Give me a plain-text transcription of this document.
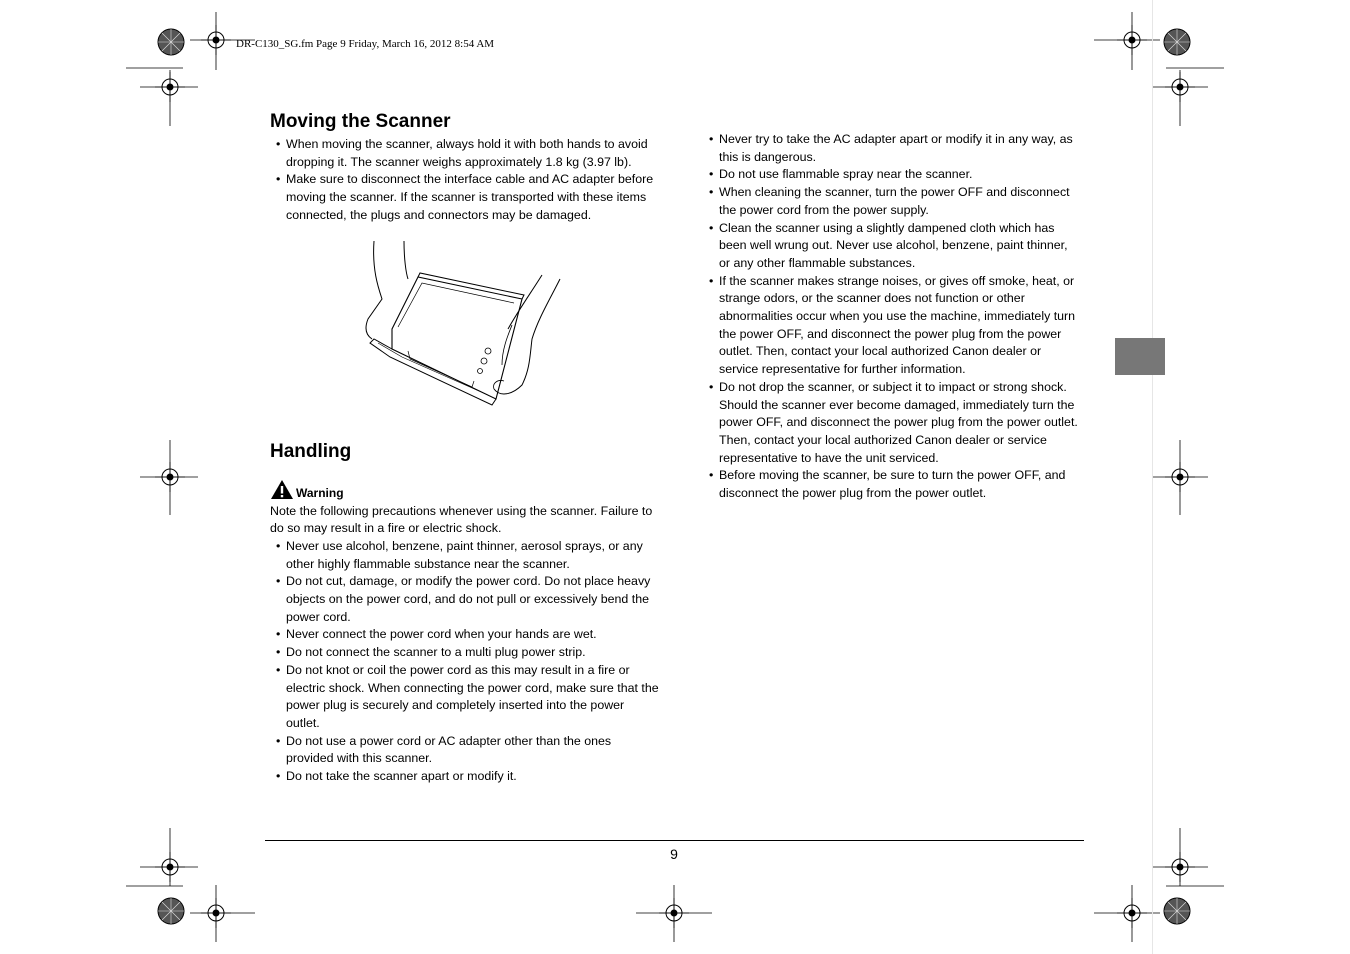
DR-C130_SG.fm Page 9 Friday, March 16, 2012 8:54 AM
Moving the Scanner
• When moving the scanner, always hold it with both hands to avoid dropping it. The scanner weighs approximately 1.8 kg (3.97 lb).
• Make sure to disconnect the interface cable and AC adapter before moving the scanner. If the scanner is transported with these items connected, the plugs and connectors may be damaged.
Handling
Warning

Note the following precautions whenever using the scanner. Failure to do so may result in a fire or electric shock.

• Never use alcohol, benzene, paint thinner, aerosol sprays, or any other highly flammable substance near the scanner.
• Do not cut, damage, or modify the power cord. Do not place heavy objects on the power cord, and do not pull or excessively bend the power cord.
• Never connect the power cord when your hands are wet.
• Do not connect the scanner to a multi plug power strip.
• Do not knot or coil the power cord as this may result in a fire or electric shock. When connecting the power cord, make sure that the power plug is securely and completely inserted into the power outlet.
• Do not use a power cord or AC adapter other than the ones provided with this scanner.
• Do not take the scanner apart or modify it.
• Never try to take the AC adapter apart or modify it in any way, as this is dangerous.
• Do not use flammable spray near the scanner.
• When cleaning the scanner, turn the power OFF and disconnect the power cord from the power supply.
• Clean the scanner using a slightly dampened cloth which has been well wrung out. Never use alcohol, benzene, paint thinner, or any other flammable substances.
• If the scanner makes strange noises, or gives off smoke, heat, or strange odors, or the scanner does not function or other abnormalities occur when you use the machine, immediately turn the power OFF, and disconnect the power plug from the power outlet. Then, contact your local authorized Canon dealer or service representative for further information.
• Do not drop the scanner, or subject it to impact or strong shock. Should the scanner ever become damaged, immediately turn the power OFF, and disconnect the power plug from the power outlet. Then, contact your local authorized Canon dealer or service representative to have the unit serviced.
• Before moving the scanner, be sure to turn the power OFF, and disconnect the power plug from the power outlet.
9
